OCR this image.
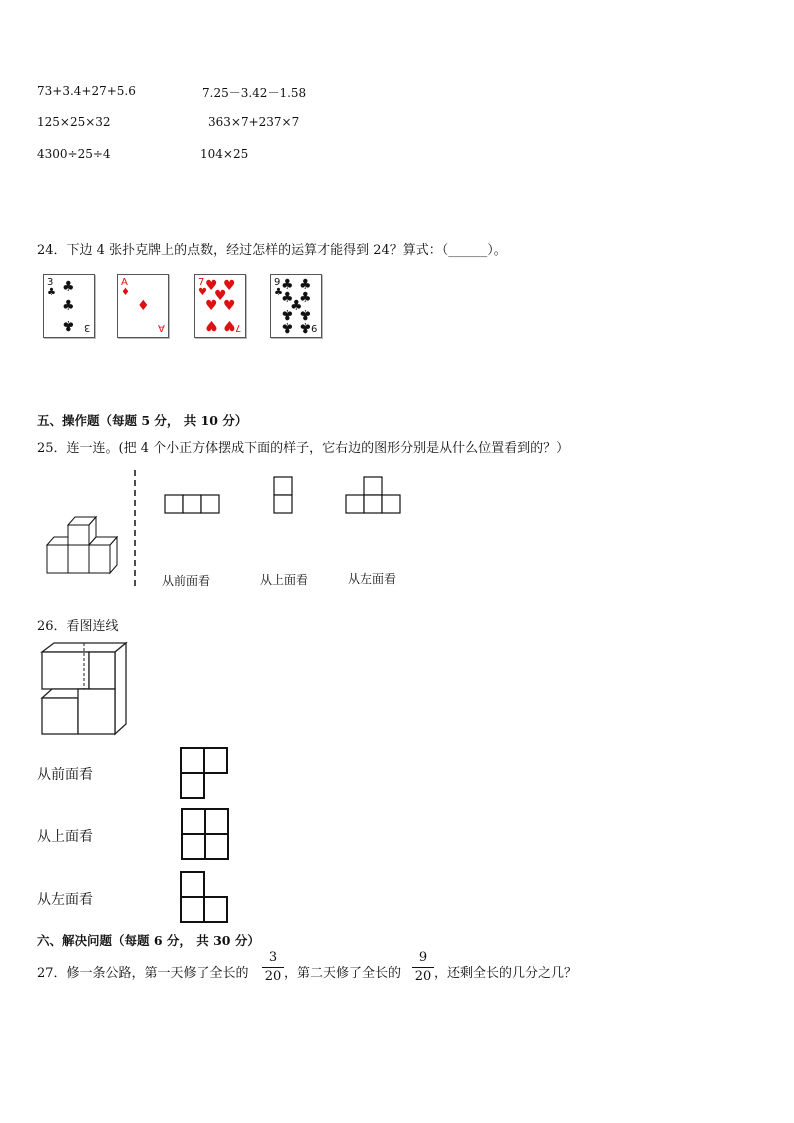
73+3.4+27+5.6	7.25－3.42－1.58
125×25×32	363×7+237×7
4300÷25÷4	104×25
24．下边 4 张扑克牌上的点数，经过怎样的运算才能得到 24？算式：（______）。
3
♣ ♣
♣
♣ 3
A
♦
♦
A
7
♥
♥ ♥
♥
♥ ♥
♥ ♥ 7
9
♣
♣ ♣
♣ ♣
♣
♣ ♣
♣ ♣ 9
五、操作题（每题 5 分， 共 10 分）
25．连一连。(把 4 个小正方体摆成下面的样子，它右边的图形分别是从什么位置看到的？）
从前面看	从上面看	从左面看
26．看图连线
从前面看
从上面看
从左面看
六、解决问题（每题 6 分， 共 30 分）
27．修一条公路，第一天修了全长的
3
20 ，第二天修了全长的
9
20 ，还剩全长的几分之几？
